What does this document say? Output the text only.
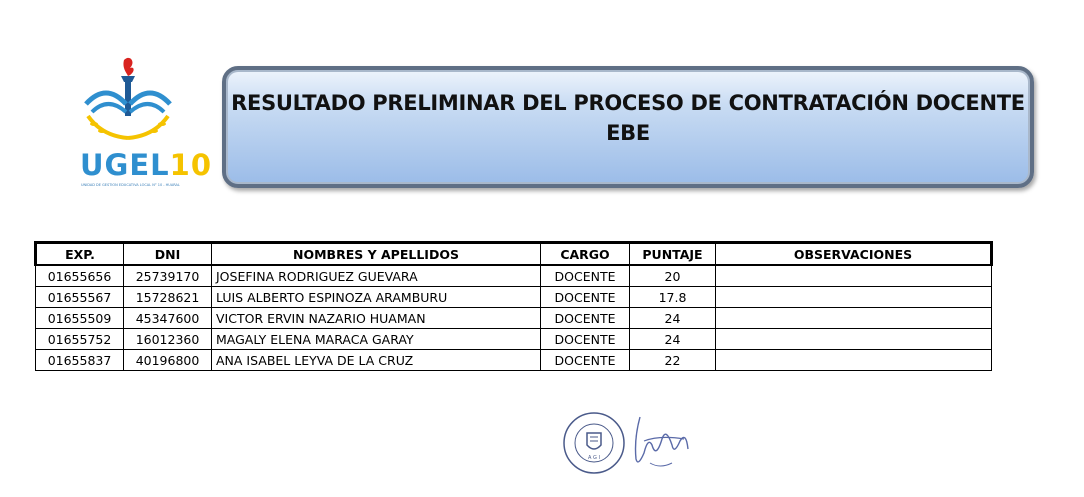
UGEL10
UNIDAD DE GESTIÓN EDUCATIVA LOCAL N° 10 - HUARAL
RESULTADO PRELIMINAR DEL PROCESO DE CONTRATACIÓN DOCENTE
EBE
EXP.	DNI	NOMBRES Y APELLIDOS	CARGO	PUNTAJE	OBSERVACIONES
01655656	25739170	JOSEFINA RODRIGUEZ GUEVARA	DOCENTE	20	
01655567	15728621	LUIS ALBERTO ESPINOZA ARAMBURU	DOCENTE	17.8	
01655509	45347600	VICTOR ERVIN NAZARIO HUAMAN	DOCENTE	24	
01655752	16012360	MAGALY ELENA MARACA GARAY	DOCENTE	24	
01655837	40196800	ANA ISABEL LEYVA DE LA CRUZ	DOCENTE	22	
A G I
